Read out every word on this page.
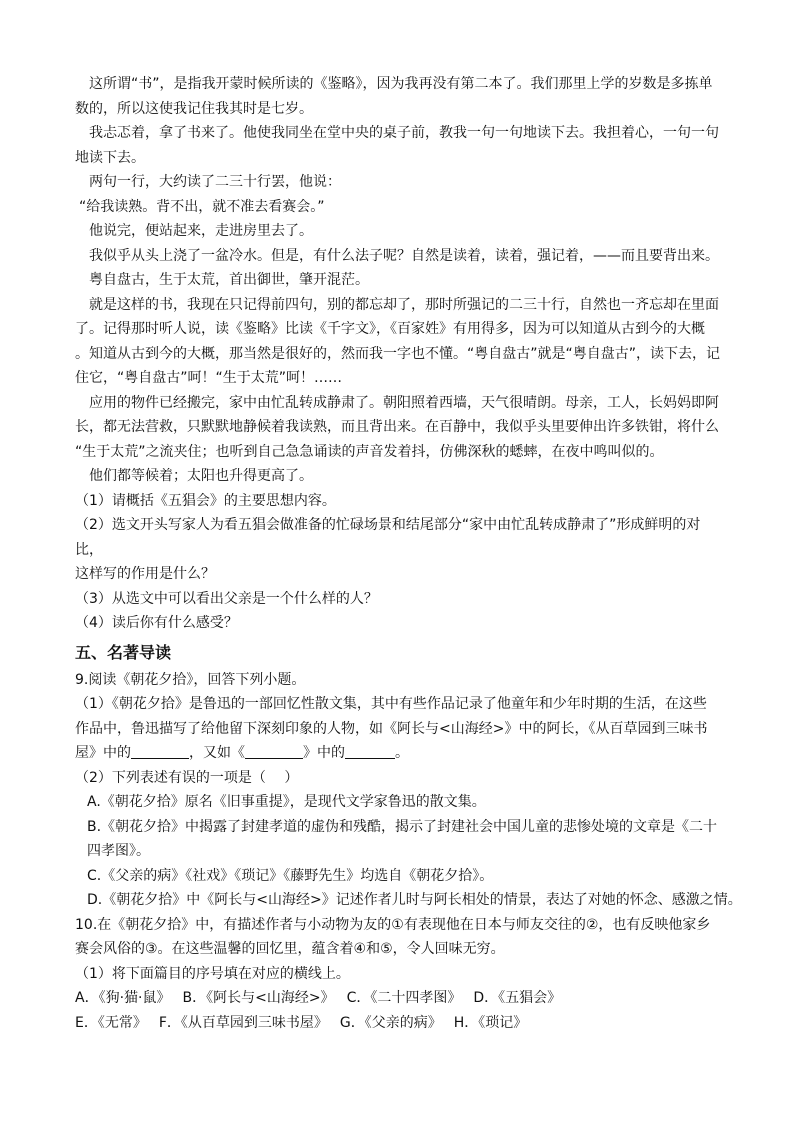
这所谓“书”，是指我开蒙时候所读的《鉴略》，因为我再没有第二本了。我们那里上学的岁数是多拣单

数的，所以这使我记住我其时是七岁。

我忐忑着，拿了书来了。他使我同坐在堂中央的桌子前，教我一句一句地读下去。我担着心，一句一句

地读下去。

两句一行，大约读了二三十行罢，他说：

“给我读熟。背不出，就不准去看赛会。”

他说完，便站起来，走进房里去了。

我似乎从头上浇了一盆冷水。但是，有什么法子呢？自然是读着，读着，强记着，——而且要背出来。

粤自盘古，生于太荒，首出御世，肇开混茫。

就是这样的书，我现在只记得前四句，别的都忘却了，那时所强记的二三十行，自然也一齐忘却在里面

了。记得那时听人说，读《鉴略》比读《千字文》，《百家姓》有用得多，因为可以知道从古到今的大概

。知道从古到今的大概，那当然是很好的，然而我一字也不懂。“粤自盘古”就是“粤自盘古”，读下去，记

住它，“粤自盘古”呵！“生于太荒”呵！……

应用的物件已经搬完，家中由忙乱转成静肃了。朝阳照着西墙，天气很晴朗。母亲，工人，长妈妈即阿

长，都无法营救，只默默地静候着我读熟，而且背出来。在百静中，我似乎头里要伸出许多铁钳，将什么

“生于太荒”之流夹住；也听到自己急急诵读的声音发着抖，仿佛深秋的蟋蟀，在夜中鸣叫似的。

他们都等候着；太阳也升得更高了。

（1）请概括《五猖会》的主要思想内容。

（2）选文开头写家人为看五猖会做准备的忙碌场景和结尾部分“家中由忙乱转成静肃了”形成鲜明的对比，

这样写的作用是什么？

（3）从选文中可以看出父亲是一个什么样的人？

（4）读后你有什么感受？

五、名著导读

9.阅读《朝花夕拾》，回答下列小题。

（1）《朝花夕拾》是鲁迅的一部回忆性散文集，其中有些作品记录了他童年和少年时期的生活，在这些

作品中，鲁迅描写了给他留下深刻印象的人物，如《阿长与<山海经>》中的阿长，《从百草园到三味书

屋》中的	，又如《	》中的	。

（2）下列表述有误的一项是（　 ）

A.《朝花夕拾》原名《旧事重提》，是现代文学家鲁迅的散文集。

B.《朝花夕拾》中揭露了封建孝道的虚伪和残酷，揭示了封建社会中国儿童的悲惨处境的文章是《二十

四孝图》。

C.《父亲的病》《社戏》《琐记》《藤野先生》均选自《朝花夕拾》。

D.《朝花夕拾》中《阿长与<山海经>》记述作者儿时与阿长相处的情景，表达了对她的怀念、感激之情。

10.在《朝花夕拾》中，有描述作者与小动物为友的①有表现他在日本与师友交往的②，也有反映他家乡

赛会风俗的③。在这些温馨的回忆里，蕴含着④和⑤，令人回味无穷。

（1）将下面篇目的序号填在对应的横线上。

A．《狗·猫·鼠》 B．《阿长与<山海经>》 C．《二十四孝图》 D．《五猖会》

E．《无常》 F．《从百草园到三味书屋》 G．《父亲的病》 H．《琐记》
